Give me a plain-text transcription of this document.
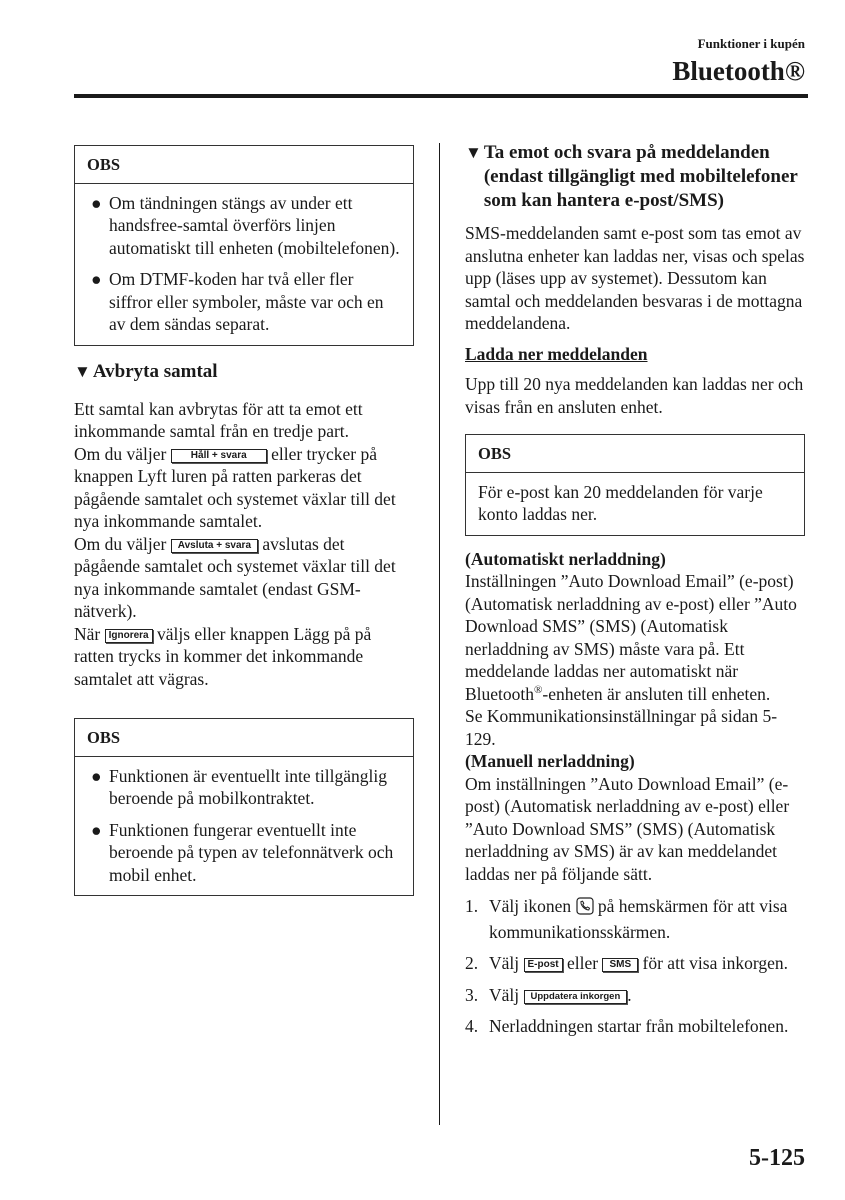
Funktioner i kupén
Bluetooth®
OBS
● Om tändningen stängs av under ett handsfree-samtal överförs linjen automatiskt till enheten (mobiltelefonen).
● Om DTMF-koden har två eller fler siffror eller symboler, måste var och en av dem sändas separat.
▼ Avbryta samtal

Ett samtal kan avbrytas för att ta emot ett inkommande samtal från en tredje part.

Om du väljer Håll + svara eller trycker på knappen Lyft luren på ratten parkeras det pågående samtalet och systemet växlar till det nya inkommande samtalet.

Om du väljer Avsluta + svara avslutas det pågående samtalet och systemet växlar till det nya inkommande samtalet (endast GSM-nätverk).

När Ignorera väljs eller knappen Lägg på på ratten trycks in kommer det inkommande samtalet att vägras.

OBS
● Funktionen är eventuellt inte tillgänglig beroende på mobilkontraktet.
● Funktionen fungerar eventuellt inte beroende på typen av telefonnätverk och mobil enhet.
▼ Ta emot och svara på meddelanden (endast tillgängligt med mobiltelefoner som kan hantera e-post/SMS)

SMS-meddelanden samt e-post som tas emot av anslutna enheter kan laddas ner, visas och spelas upp (läses upp av systemet). Dessutom kan samtal och meddelanden besvaras i de mottagna meddelandena.

Ladda ner meddelanden

Upp till 20 nya meddelanden kan laddas ner och visas från en ansluten enhet.

OBS

För e-post kan 20 meddelanden för varje konto laddas ner.

(Automatiskt nerladdning)

Inställningen ”Auto Download Email” (e-post) (Automatisk nerladdning av e-post) eller ”Auto Download SMS” (SMS) (Automatisk nerladdning av SMS) måste vara på. Ett meddelande laddas ner automatiskt när Bluetooth®-enheten är ansluten till enheten.

Se Kommunikationsinställningar på sidan 5-129.

(Manuell nerladdning)

Om inställningen ”Auto Download Email” (e-post) (Automatisk nerladdning av e-post) eller ”Auto Download SMS” (SMS) (Automatisk nerladdning av SMS) är av kan meddelandet laddas ner på följande sätt.

1. Välj ikonen på hemskärmen för att visa kommunikationsskärmen.
2. Välj E-post eller SMS för att visa inkorgen.
3. Välj Uppdatera inkorgen .
4. Nerladdningen startar från mobiltelefonen.
5-125
